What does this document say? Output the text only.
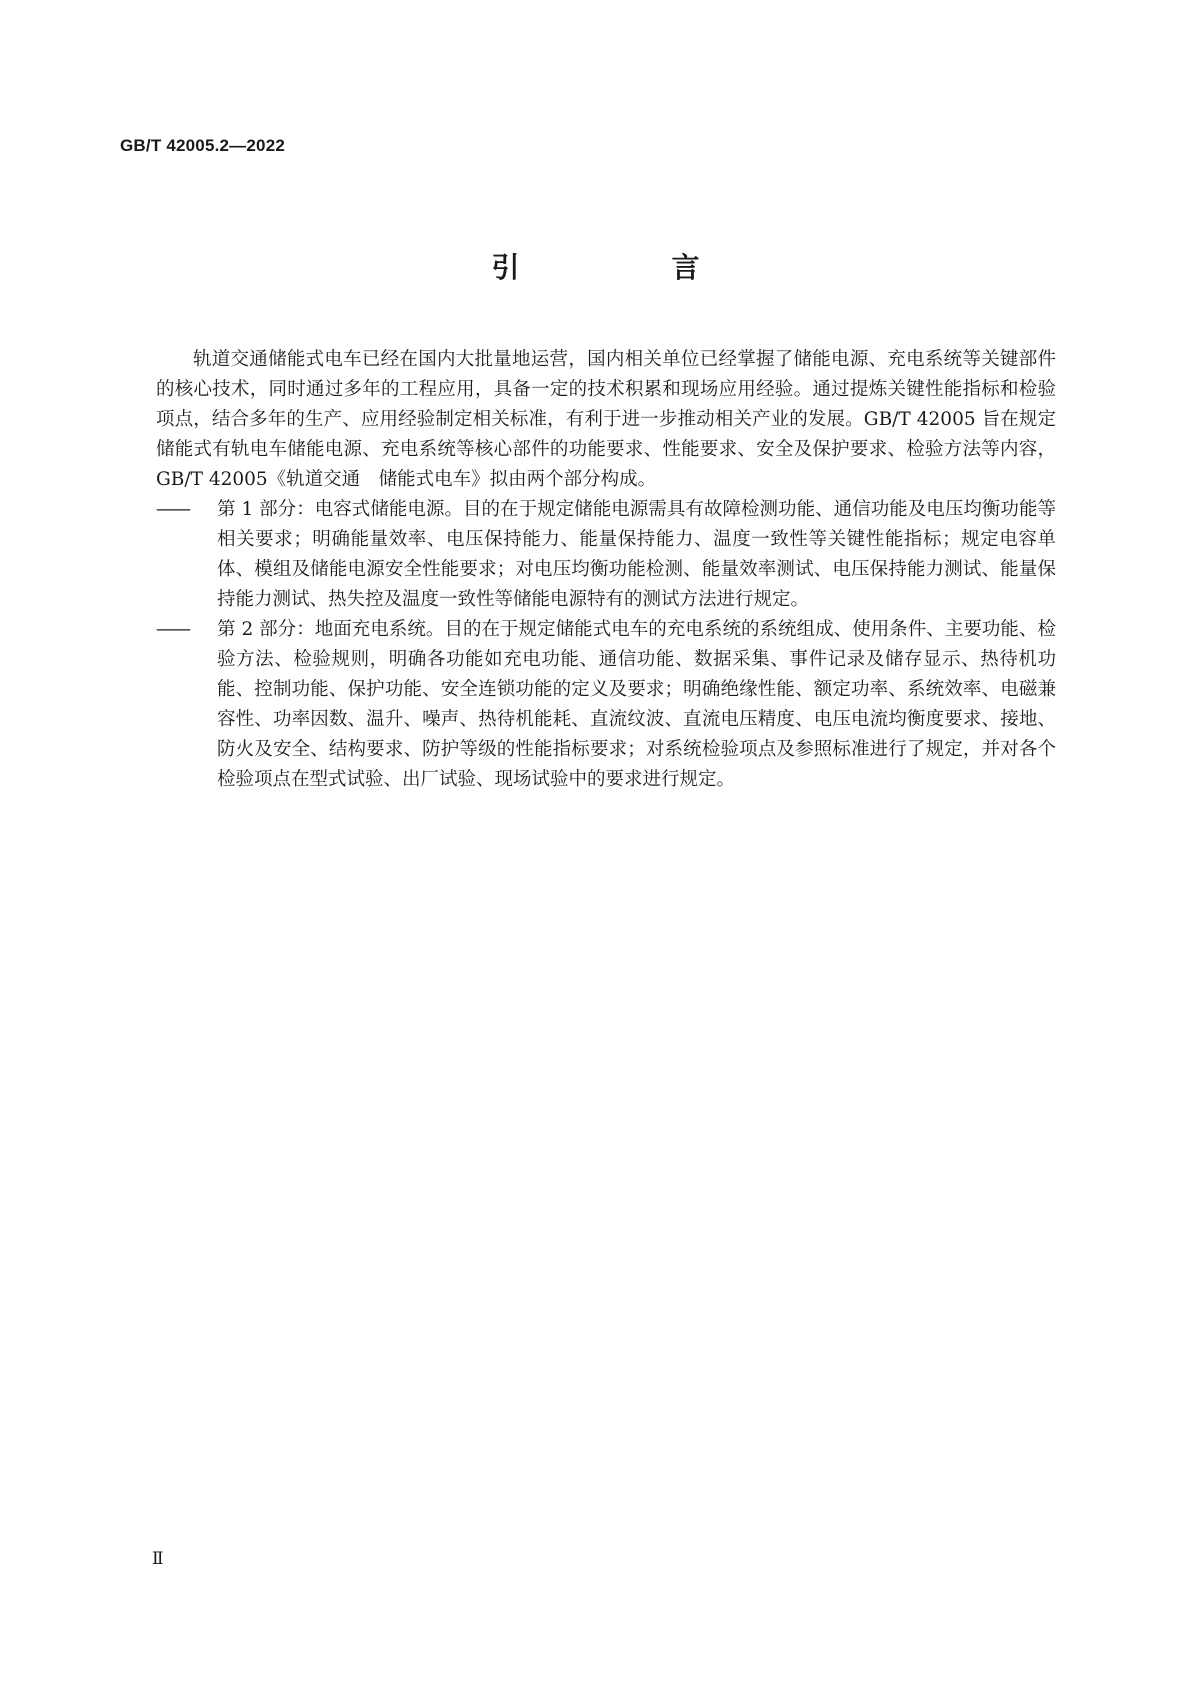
GB/T 42005.2—2022
引　言

轨道交通储能式电车已经在国内大批量地运营，国内相关单位已经掌握了储能电源、充电系统等关键部件的核心技术，同时通过多年的工程应用，具备一定的技术积累和现场应用经验。通过提炼关键性能指标和检验项点，结合多年的生产、应用经验制定相关标准，有利于进一步推动相关产业的发展。GB/T 42005 旨在规定储能式有轨电车储能电源、充电系统等核心部件的功能要求、性能要求、安全及保护要求、检验方法等内容，GB/T 42005《轨道交通　储能式电车》拟由两个部分构成。

——	第 1 部分：电容式储能电源。目的在于规定储能电源需具有故障检测功能、通信功能及电压均衡功能等相关要求；明确能量效率、电压保持能力、能量保持能力、温度一致性等关键性能指标；规定电容单体、模组及储能电源安全性能要求；对电压均衡功能检测、能量效率测试、电压保持能力测试、能量保持能力测试、热失控及温度一致性等储能电源特有的测试方法进行规定。
——	第 2 部分：地面充电系统。目的在于规定储能式电车的充电系统的系统组成、使用条件、主要功能、检验方法、检验规则，明确各功能如充电功能、通信功能、数据采集、事件记录及储存显示、热待机功能、控制功能、保护功能、安全连锁功能的定义及要求；明确绝缘性能、额定功率、系统效率、电磁兼容性、功率因数、温升、噪声、热待机能耗、直流纹波、直流电压精度、电压电流均衡度要求、接地、防火及安全、结构要求、防护等级的性能指标要求；对系统检验项点及参照标准进行了规定，并对各个检验项点在型式试验、出厂试验、现场试验中的要求进行规定。
Ⅱ
